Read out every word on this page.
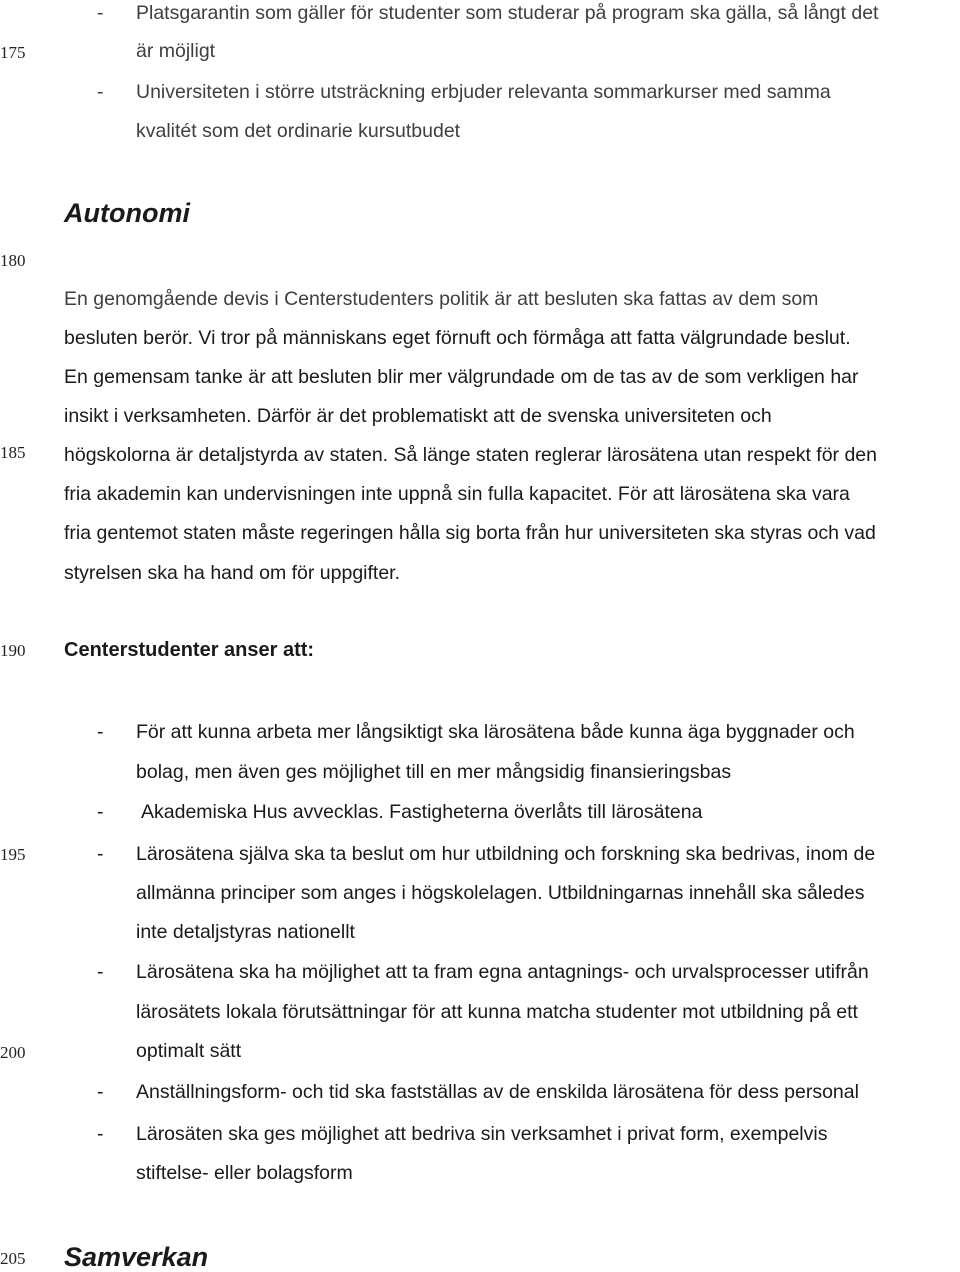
175
180
185
190
195
200
205
- Platsgarantin som gäller för studenter som studerar på program ska gälla, så långt det
är möjligt
- Universiteten i större utsträckning erbjuder relevanta sommarkurser med samma
kvalitét som det ordinarie kursutbudet
Autonomi
En genomgående devis i Centerstudenters politik är att besluten ska fattas av dem som
besluten berör. Vi tror på människans eget förnuft och förmåga att fatta välgrundade beslut.
En gemensam tanke är att besluten blir mer välgrundade om de tas av de som verkligen har
insikt i verksamheten. Därför är det problematiskt att de svenska universiteten och
högskolorna är detaljstyrda av staten. Så länge staten reglerar lärosätena utan respekt för den
fria akademin kan undervisningen inte uppnå sin fulla kapacitet. För att lärosätena ska vara
fria gentemot staten måste regeringen hålla sig borta från hur universiteten ska styras och vad
styrelsen ska ha hand om för uppgifter.
Centerstudenter anser att:
- För att kunna arbeta mer långsiktigt ska lärosätena både kunna äga byggnader och
bolag, men även ges möjlighet till en mer mångsidig finansieringsbas
- Akademiska Hus avvecklas. Fastigheterna överlåts till lärosätena
- Lärosätena själva ska ta beslut om hur utbildning och forskning ska bedrivas, inom de
allmänna principer som anges i högskolelagen. Utbildningarnas innehåll ska således
inte detaljstyras nationellt
- Lärosätena ska ha möjlighet att ta fram egna antagnings- och urvalsprocesser utifrån
lärosätets lokala förutsättningar för att kunna matcha studenter mot utbildning på ett
optimalt sätt
- Anställningsform- och tid ska fastställas av de enskilda lärosätena för dess personal
- Lärosäten ska ges möjlighet att bedriva sin verksamhet i privat form, exempelvis
stiftelse- eller bolagsform
Samverkan
